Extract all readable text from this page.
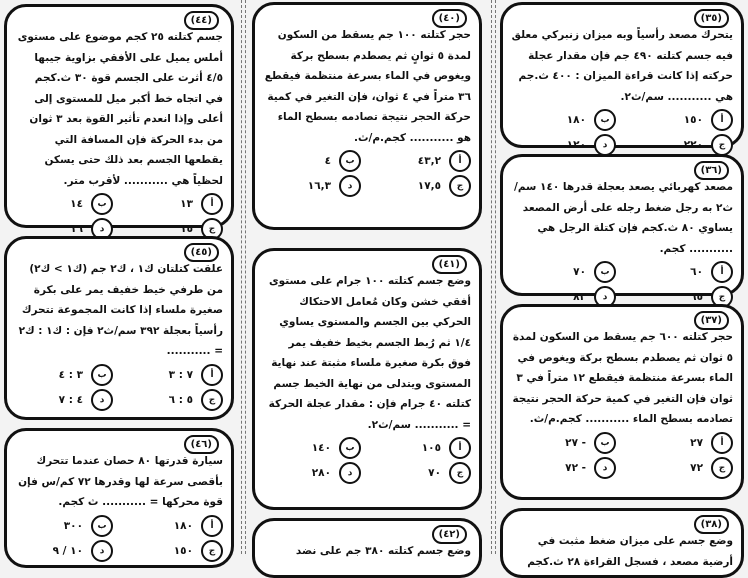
(٤٤)

جسم كتلته ٢٥ كجم موضوع على مستوى أملس يميل على الأفقي بزاوية جيبها ٤/٥ أثرت على الجسم قوة ٣٠ ث.كجم في اتجاه خط أكبر ميل للمستوى إلى أعلى وإذا انعدم تأثير القوة بعد ٣ ثوان من بدء الحركة فإن المسافة التي يقطعها الجسم بعد ذلك حتى يسكن لحظياً هي ........... لأقرب متر.

أ
١٣
ب
١٤
ج
١٥
د
١٦
(٤٥)

علقت كتلتان ك١ ، ك٢ جم (ك١ > ك٢) من طرفي خيط خفيف يمر على بكرة صغيرة ملساء إذا كانت المجموعة تتحرك رأسياً بعجلة ٣٩٢ سم/ث٢ فإن : ك١ : ك٢ = ...........

أ
٧ : ٣
ب
٣ : ٤
ج
٥ : ٦
د
٤ : ٧
(٤٦)

سيارة قدرتها ٨٠ حصان عندما تتحرك بأقصى سرعة لها وقدرها ٧٢ كم/س فإن قوة محركها = ........... ث كجم.

أ
١٨٠
ب
٣٠٠
ج
١٥٠
د
١٠ / ٩
(٤٠)

حجر كتلته ١٠٠ جم يسقط من السكون لمدة ٥ ثوانٍ ثم يصطدم بسطح بركة ويغوص في الماء بسرعة منتظمة فيقطع ٣٦ متراً في ٤ ثوان، فإن التغير في كمية حركة الحجر نتيجة تصادمه بسطح الماء هو ........... كجم.م/ث.

أ
٤٣,٢
ب
٤
ج
١٧,٥
د
١٦,٣
(٤١)

وضع جسم كتلته ١٠٠ جرام على مستوى أفقي خشن وكان مُعامل الاحتكاك الحركي بين الجسم والمستوى يساوي ١/٤ ثم رُبط الجسم بخيط خفيف يمر فوق بكرة صغيرة ملساء مثبتة عند نهاية المستوى ويتدلى من نهاية الخيط جسم كتلته ٤٠ جرام فإن : مقدار عجلة الحركة = ........... سم/ث٢.

أ
١٠٥
ب
١٤٠
ج
٧٠
د
٢٨٠
(٤٢)

وضع جسم كتلته ٣٨٠ جم على نضد

(٣٥)

يتحرك مصعد رأسياً وبه ميزان زنبركي معلق فيه جسم كتلته ٤٩٠ جم فإن مقدار عجلة حركته إذا كانت قراءة الميزان : ٤٠٠ ث.جم هي ........... سم/ث٢.

أ
١٥٠
ب
١٨٠
ج
٢٢٠
د
١٢٠
(٣٦)

مصعد كهربائي يصعد بعجلة قدرها ١٤٠ سم/ث٢ به رجل ضغط رجله على أرض المصعد يساوي ٨٠ ث.كجم فإن كتلة الرجل هي ........... كجم.

أ
٦٠
ب
٧٠
ج
٦٥
د
٨٢
(٣٧)

حجر كتلته ٦٠٠ جم يسقط من السكون لمدة ٥ ثوان ثم يصطدم بسطح بركة ويغوص في الماء بسرعة منتظمة فيقطع ١٢ متراً في ٣ ثوان فإن التغير في كمية حركة الحجر نتيجة تصادمه بسطح الماء ........... كجم.م/ث.

أ
٢٧
ب
٢٧ -
ج
٧٢
د
٧٢ -
(٣٨)

وضع جسم على ميزان ضغط مثبت في أرضية مصعد ، فسجل القراءة ٢٨ ث.كجم
